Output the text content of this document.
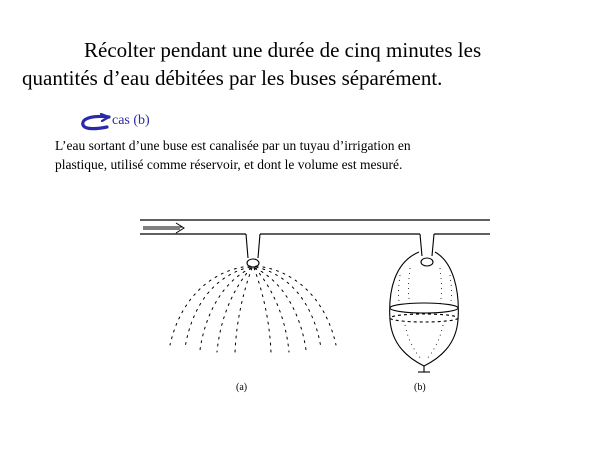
Récolter pendant une durée de cinq minutes les
quantités d’eau débitées par les buses séparément.
cas (b)
L’eau sortant d’une buse est canalisée par un tuyau d’irrigation en
plastique, utilisé comme réservoir, et dont le volume est mesuré.
(a)	(b)
